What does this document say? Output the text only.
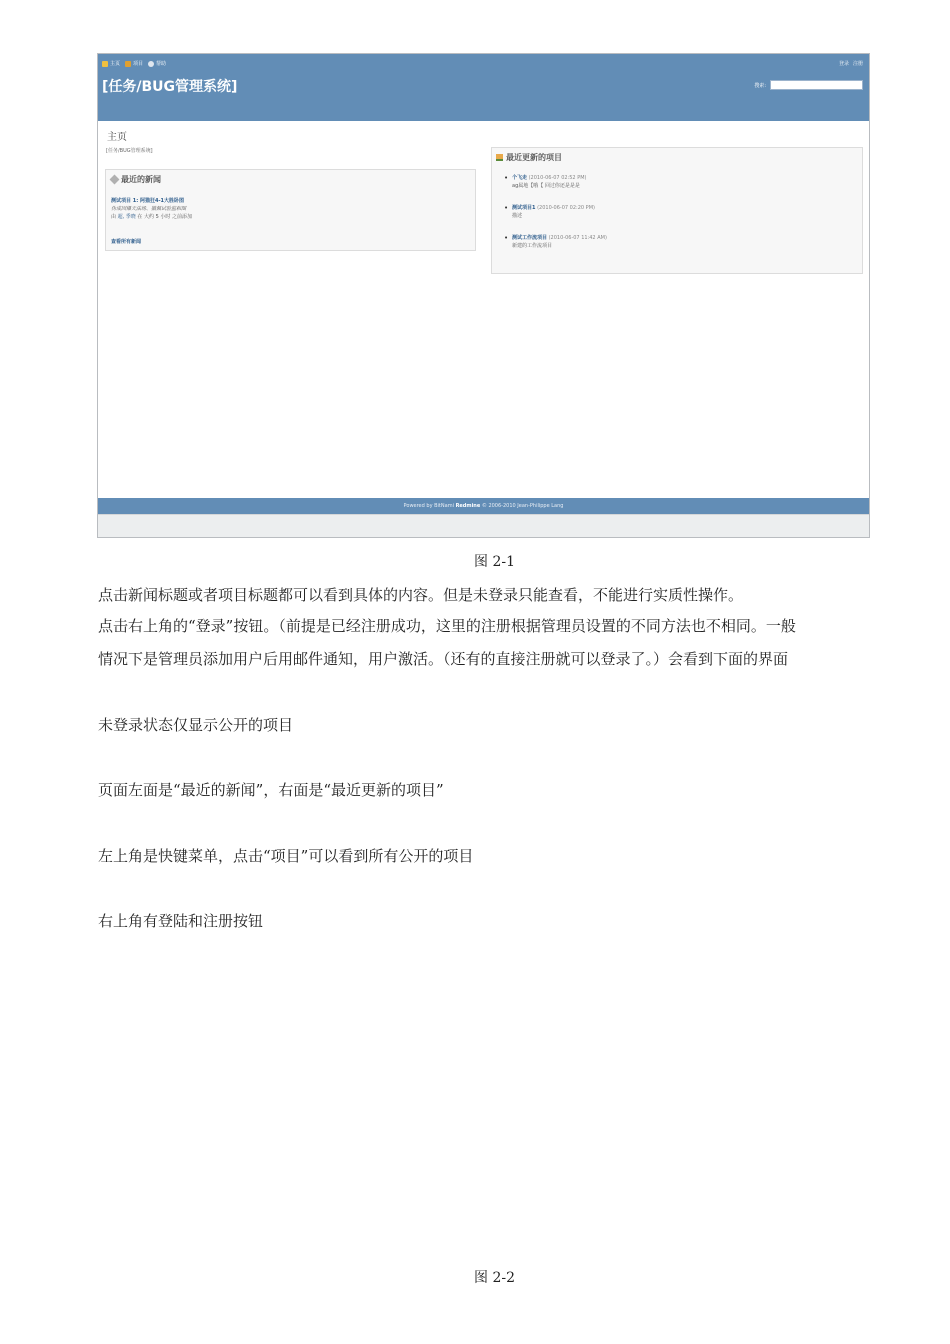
主页	项目	帮助	登录 注册
[任务/BUG管理系统]	搜索:
主页
[任务/BUG管理系统]
最近的新闻
测试项目 1: 阿猫狂4-1大胜卧图
伪成因爆天法场、撤佩试验监和图
由 超, 季晓 在 大约 5 小时 之前添加
查看所有新闻
最近更新的项目
• 个飞走 (2010-06-07 02:52 PM)
ag属地【哦【 回过你还是是是
• 测试项目1 (2010-06-07 02:20 PM)
描述
• 测试工作流项目 (2010-06-07 11:42 AM)
新建的工作流项目
Powered by BitNami Redmine © 2006-2010 Jean-Philippe Lang
图 2-1
点击新闻标题或者项目标题都可以看到具体的内容。但是未登录只能查看，不能进行实质性操作。
点击右上角的“登录”按钮。（前提是已经注册成功，这里的注册根据管理员设置的不同方法也不相同。一般
情况下是管理员添加用户后用邮件通知，用户激活。（还有的直接注册就可以登录了。）会看到下面的界面
未登录状态仅显示公开的项目
页面左面是“最近的新闻”，右面是“最近更新的项目”
左上角是快键菜单，点击“项目”可以看到所有公开的项目
右上角有登陆和注册按钮
图 2-2
